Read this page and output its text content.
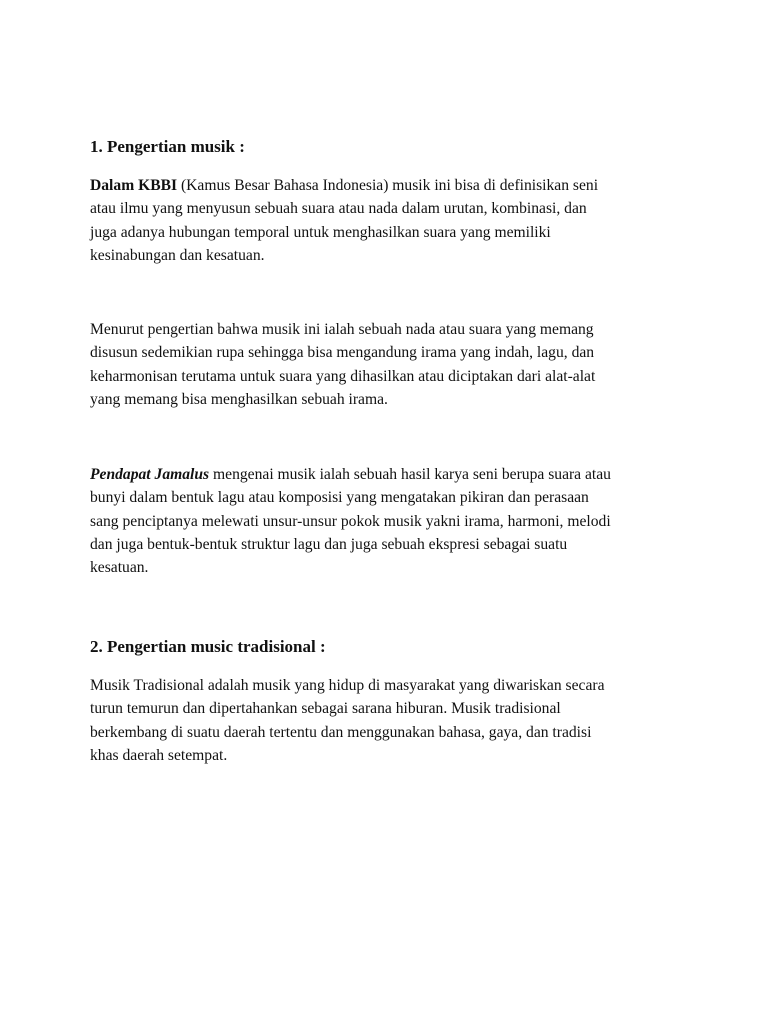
1. Pengertian musik :
Dalam KBBI (Kamus Besar Bahasa Indonesia) musik ini bisa di definisikan seni
atau ilmu yang menyusun sebuah suara atau nada dalam urutan, kombinasi, dan
juga adanya hubungan temporal untuk menghasilkan suara yang memiliki
kesinabungan dan kesatuan.
Menurut pengertian bahwa musik ini ialah sebuah nada atau suara yang memang
disusun sedemikian rupa sehingga bisa mengandung irama yang indah, lagu, dan
keharmonisan terutama untuk suara yang dihasilkan atau diciptakan dari alat-alat
yang memang bisa menghasilkan sebuah irama.
Pendapat Jamalus mengenai musik ialah sebuah hasil karya seni berupa suara atau
bunyi dalam bentuk lagu atau komposisi yang mengatakan pikiran dan perasaan
sang penciptanya melewati unsur-unsur pokok musik yakni irama, harmoni, melodi
dan juga bentuk-bentuk struktur lagu dan juga sebuah ekspresi sebagai suatu
kesatuan.
2. Pengertian music tradisional :
Musik Tradisional adalah musik yang hidup di masyarakat yang diwariskan secara
turun temurun dan dipertahankan sebagai sarana hiburan. Musik tradisional
berkembang di suatu daerah tertentu dan menggunakan bahasa, gaya, dan tradisi
khas daerah setempat.
